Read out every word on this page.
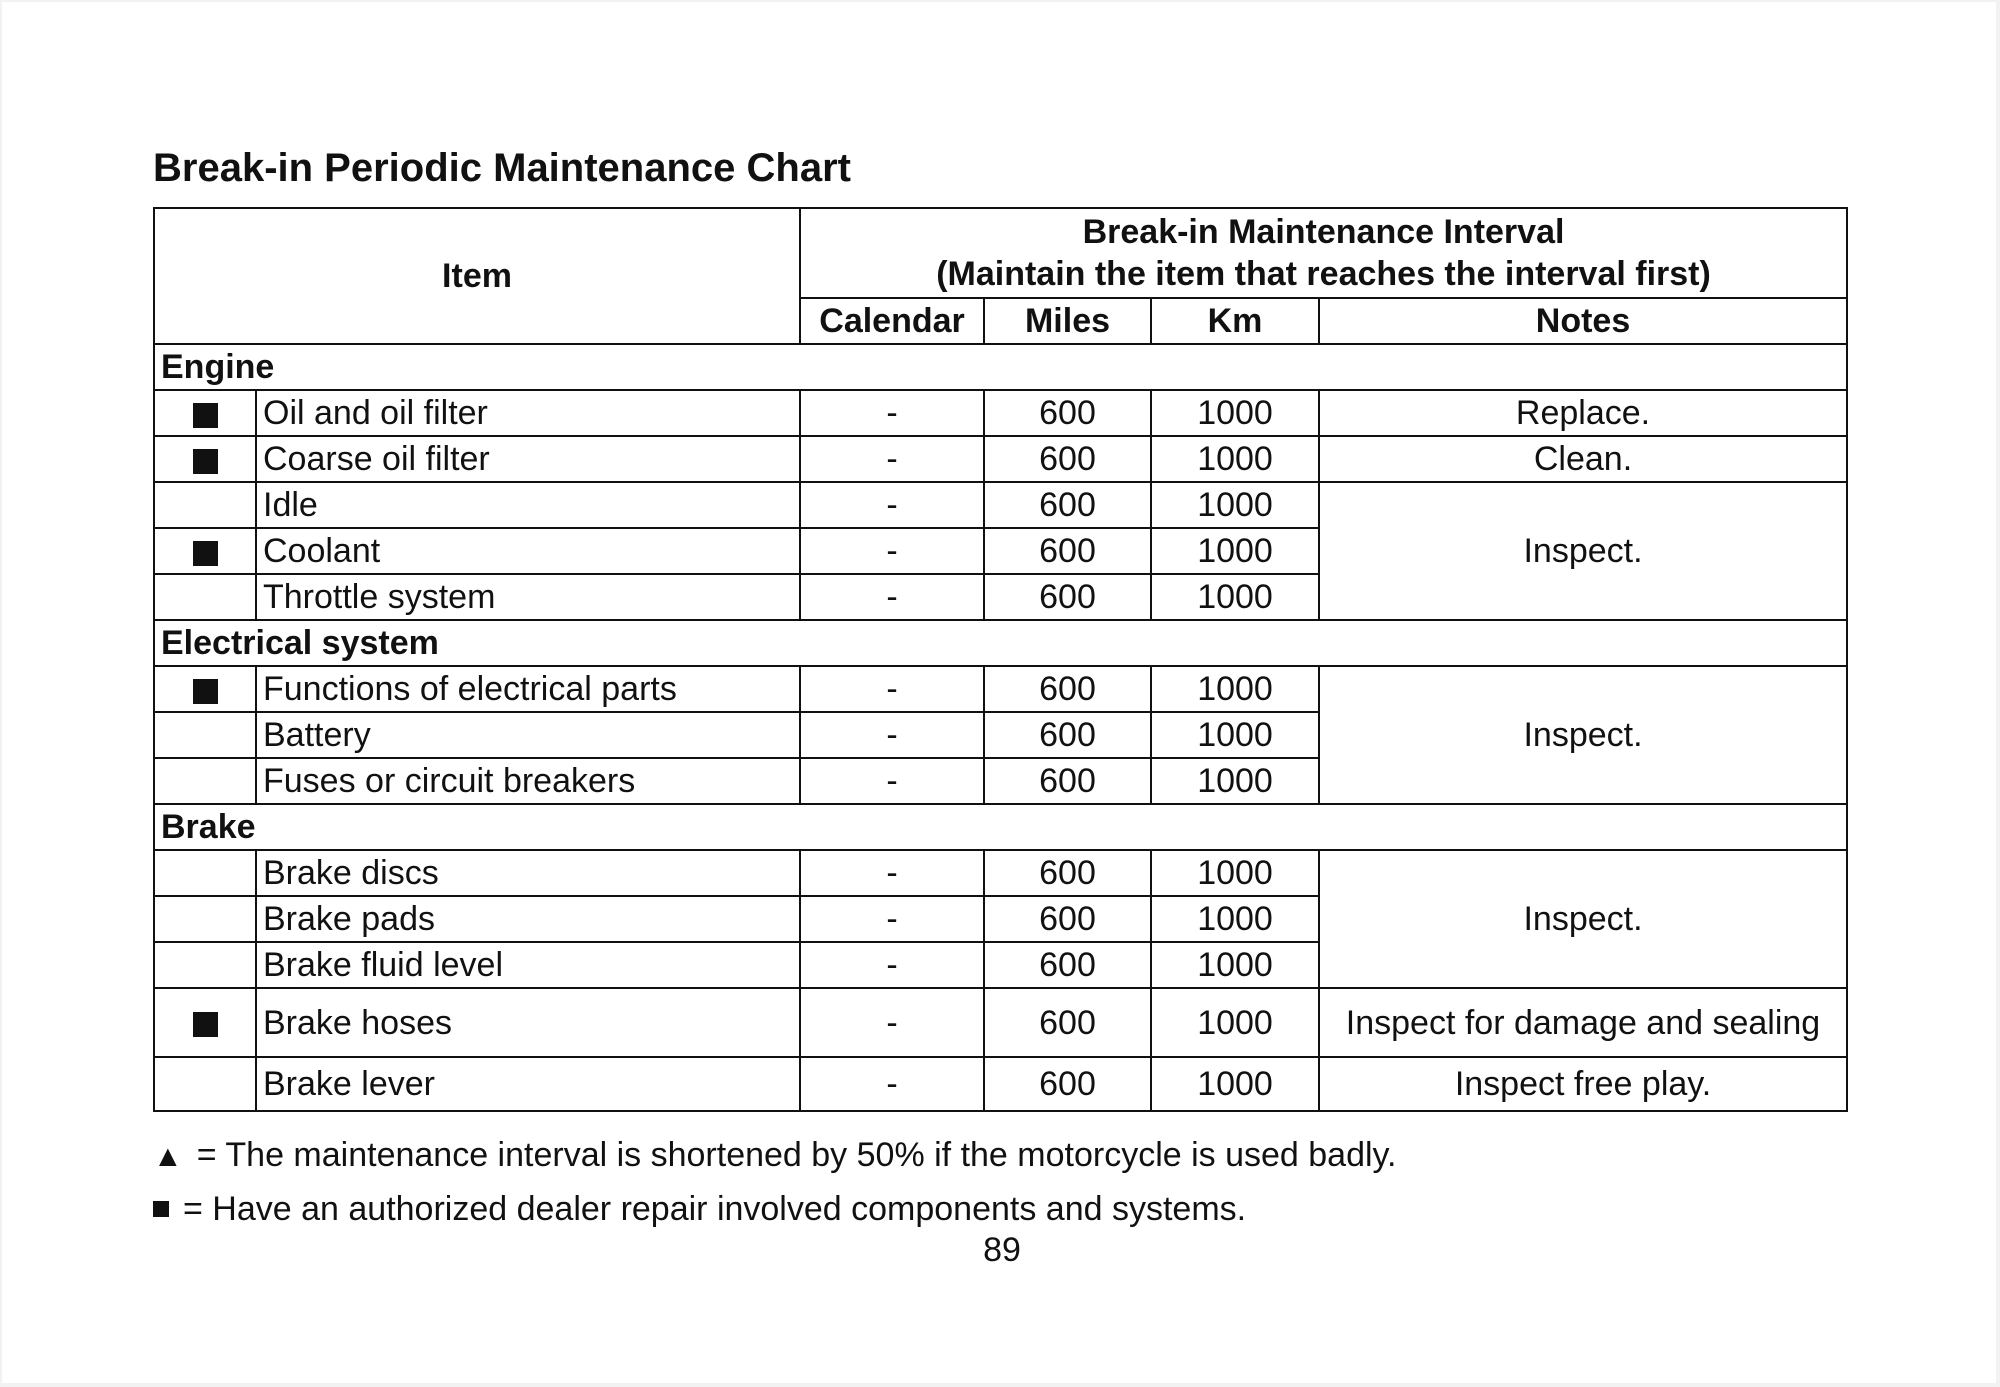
Break-in Periodic Maintenance Chart
Item		Break-in Maintenance Interval
(Maintain the item that reaches the interval first)			

		Calendar	Miles	Km	Notes
Engine					
	Oil and oil filter	-	600	1000	Replace.
	Coarse oil filter	-	600	1000	Clean.
	Idle	-	600	1000	Inspect.
	Coolant	-	600	1000	
	Throttle system	-	600	1000	
Electrical system					
	Functions of electrical parts	-	600	1000	Inspect.
	Battery	-	600	1000	
	Fuses or circuit breakers	-	600	1000	
Brake					
	Brake discs	-	600	1000	Inspect.
	Brake pads	-	600	1000	
	Brake fluid level	-	600	1000	
	Brake hoses	-	600	1000	Inspect for damage and sealing
	Brake lever	-	600	1000	Inspect free play.
▲ = The maintenance interval is shortened by 50% if the motorcycle is used badly.
= Have an authorized dealer repair involved components and systems.
89
